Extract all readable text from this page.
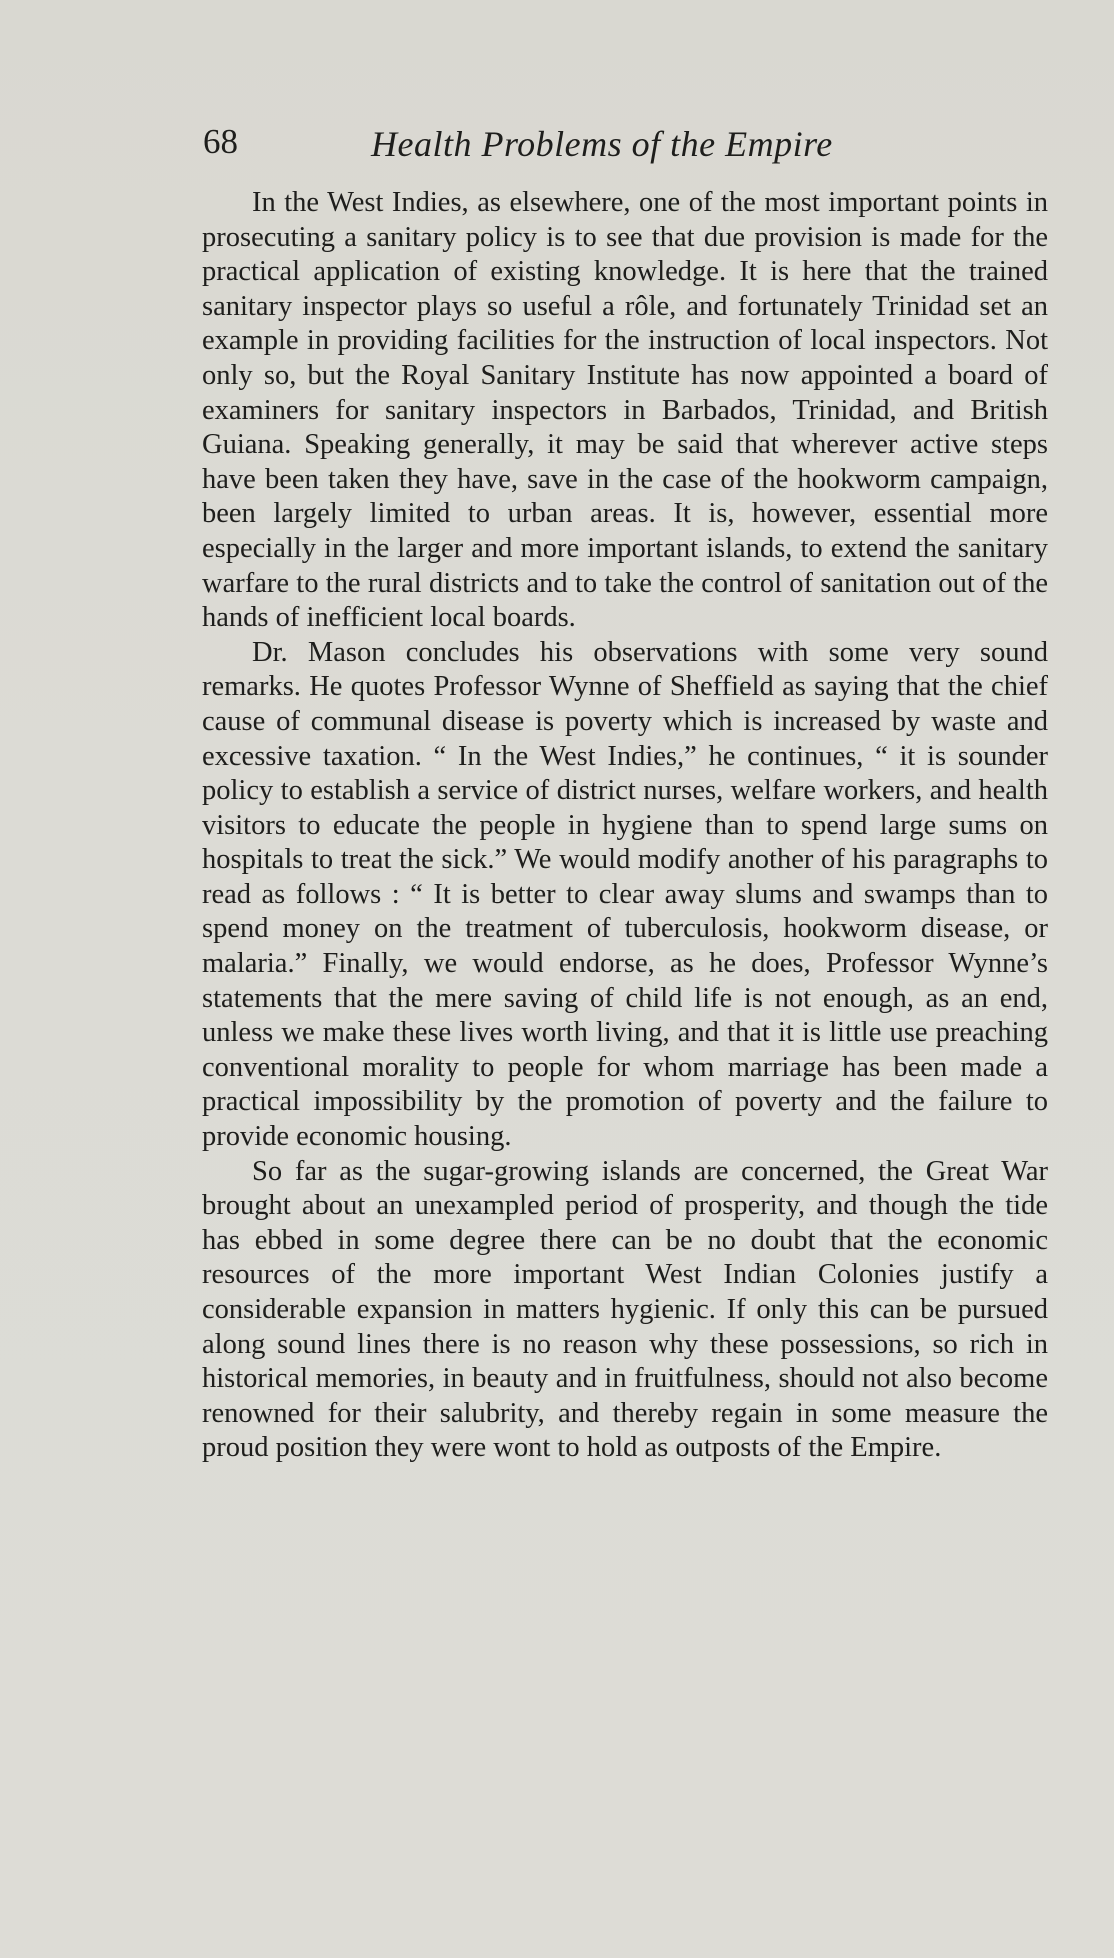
68	Health Problems of the Empire

In the West Indies, as elsewhere, one of the most important points in prosecuting a sanitary policy is to see that due provision is made for the practical application of existing knowledge. It is here that the trained sanitary inspector plays so useful a rôle, and fortunately Trinidad set an example in providing facilities for the instruction of local inspectors. Not only so, but the Royal Sanitary Institute has now appointed a board of examiners for sanitary inspectors in Barbados, Trinidad, and British Guiana. Speaking generally, it may be said that wherever active steps have been taken they have, save in the case of the hookworm campaign, been largely limited to urban areas. It is, however, essential more especially in the larger and more important islands, to extend the sanitary warfare to the rural districts and to take the control of sanitation out of the hands of inefficient local boards.

Dr. Mason concludes his observations with some very sound remarks. He quotes Professor Wynne of Sheffield as saying that the chief cause of communal disease is poverty which is increased by waste and excessive taxation. “ In the West Indies,” he continues, “ it is sounder policy to establish a service of district nurses, welfare workers, and health visitors to educate the people in hygiene than to spend large sums on hospitals to treat the sick.” We would modify another of his paragraphs to read as follows : “ It is better to clear away slums and swamps than to spend money on the treatment of tuberculosis, hookworm disease, or malaria.” Finally, we would endorse, as he does, Professor Wynne’s statements that the mere saving of child life is not enough, as an end, unless we make these lives worth living, and that it is little use preaching conventional morality to people for whom marriage has been made a practical impossibility by the promotion of poverty and the failure to provide economic housing.

So far as the sugar-growing islands are concerned, the Great War brought about an unexampled period of prosperity, and though the tide has ebbed in some degree there can be no doubt that the economic resources of the more important West Indian Colonies justify a considerable expansion in matters hygienic. If only this can be pursued along sound lines there is no reason why these possessions, so rich in historical memories, in beauty and in fruitfulness, should not also become renowned for their salubrity, and thereby regain in some measure the proud position they were wont to hold as outposts of the Empire.
